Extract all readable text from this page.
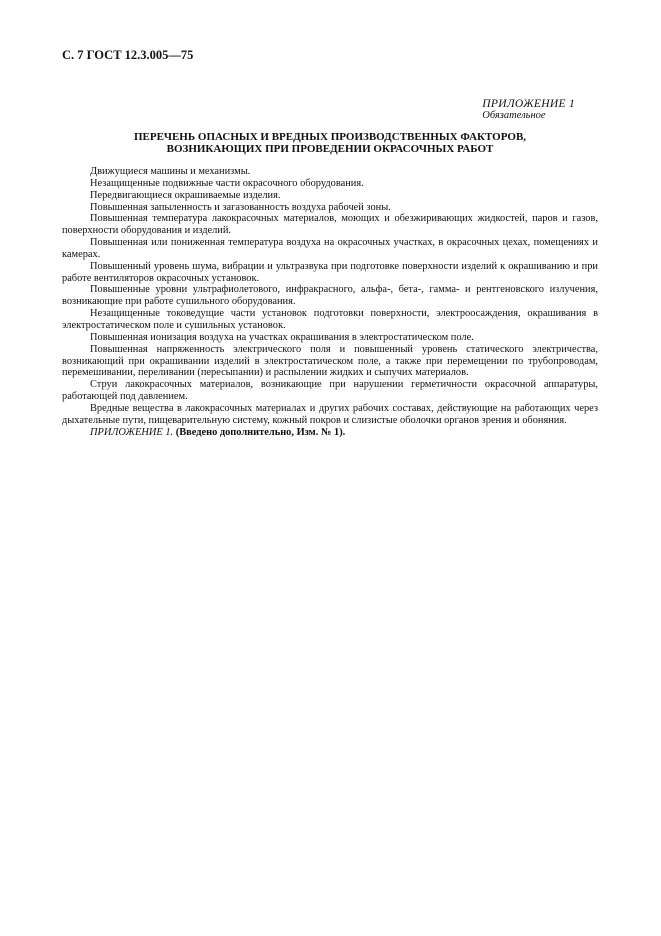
С. 7 ГОСТ 12.3.005—75
ПРИЛОЖЕНИЕ 1
Обязательное
ПЕРЕЧЕНЬ ОПАСНЫХ И ВРЕДНЫХ ПРОИЗВОДСТВЕННЫХ ФАКТОРОВ,
ВОЗНИКАЮЩИХ ПРИ ПРОВЕДЕНИИ ОКРАСОЧНЫХ РАБОТ

Движущиеся машины и механизмы.

Незащищенные подвижные части окрасочного оборудования.

Передвигающиеся окрашиваемые изделия.

Повышенная запыленность и загазованность воздуха рабочей зоны.

Повышенная температура лакокрасочных материалов, моющих и обезжиривающих жидкостей, паров и газов, поверхности оборудования и изделий.

Повышенная или пониженная температура воздуха на окрасочных участках, в окрасочных цехах, помещениях и камерах.

Повышенный уровень шума, вибрации и ультразвука при подготовке поверхности изделий к окрашиванию и при работе вентиляторов окрасочных установок.

Повышенные уровни ультрафиолетового, инфракрасного, альфа-, бета-, гамма- и рентгеновского излучения, возникающие при работе сушильного оборудования.

Незащищенные токоведущие части установок подготовки поверхности, электроосаждения, окрашивания в электростатическом поле и сушильных установок.

Повышенная ионизация воздуха на участках окрашивания в электростатическом поле.

Повышенная напряженность электрического поля и повышенный уровень статического электричества, возникающий при окрашивании изделий в электростатическом поле, а также при перемещении по трубопроводам, перемешивании, переливании (пересыпании) и распылении жидких и сыпучих материалов.

Струи лакокрасочных материалов, возникающие при нарушении герметичности окрасочной аппаратуры, работающей под давлением.

Вредные вещества в лакокрасочных материалах и других рабочих составах, действующие на работающих через дыхательные пути, пищеварительную систему, кожный покров и слизистые оболочки органов зрения и обоняния.

ПРИЛОЖЕНИЕ 1. (Введено дополнительно, Изм. № 1).
